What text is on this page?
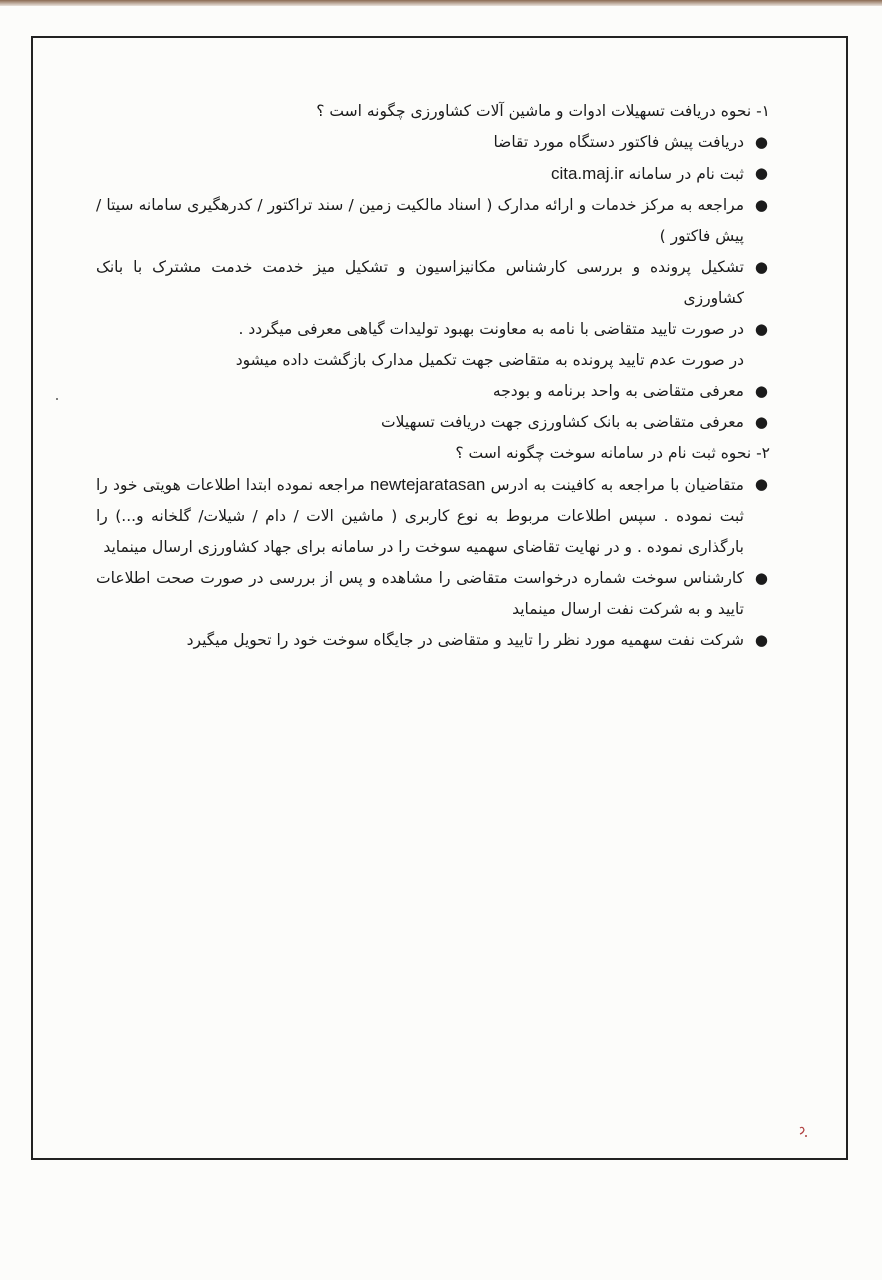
۱- نحوه دریافت تسهیلات ادوات و ماشین آلات کشاورزی چگونه است ؟

●
دریافت پیش فاکتور دستگاه مورد تقاضا
●
ثبت نام در سامانه cita.maj.ir
●
مراجعه به مرکز خدمات و ارائه مدارک ( اسناد مالکیت زمین / سند تراکتور / کدرهگیری سامانه سیتا / پیش فاکتور )
●
تشکیل پرونده و بررسی کارشناس مکانیزاسیون و تشکیل میز خدمت خدمت مشترک با بانک کشاورزی
●
در صورت تایید متقاضی با نامه به معاونت بهبود تولیدات گیاهی معرفی میگردد .
در صورت عدم تایید پرونده به متقاضی جهت تکمیل مدارک بازگشت داده میشود
●
معرفی متقاضی به واحد برنامه و بودجه
●
معرفی متقاضی به بانک کشاورزی جهت دریافت تسهیلات

۲- نحوه ثبت نام در سامانه سوخت چگونه است ؟

●
متقاضیان با مراجعه به کافینت به ادرس newtejaratasan مراجعه نموده ابتدا اطلاعات هویتی خود را ثبت نموده . سپس اطلاعات مربوط به نوع کاربری ( ماشین الات / دام / شیلات/ گلخانه و...) را بارگذاری نموده . و در نهایت تقاضای سهمیه سوخت را در سامانه برای جهاد کشاورزی ارسال مینماید
●
کارشناس سوخت شماره درخواست متقاضی را مشاهده و پس از بررسی در صورت صحت اطلاعات تایید و به شرکت نفت ارسال مینماید
●
شرکت نفت سهمیه مورد نظر را تایید و متقاضی در جایگاه سوخت خود را تحویل میگیرد
